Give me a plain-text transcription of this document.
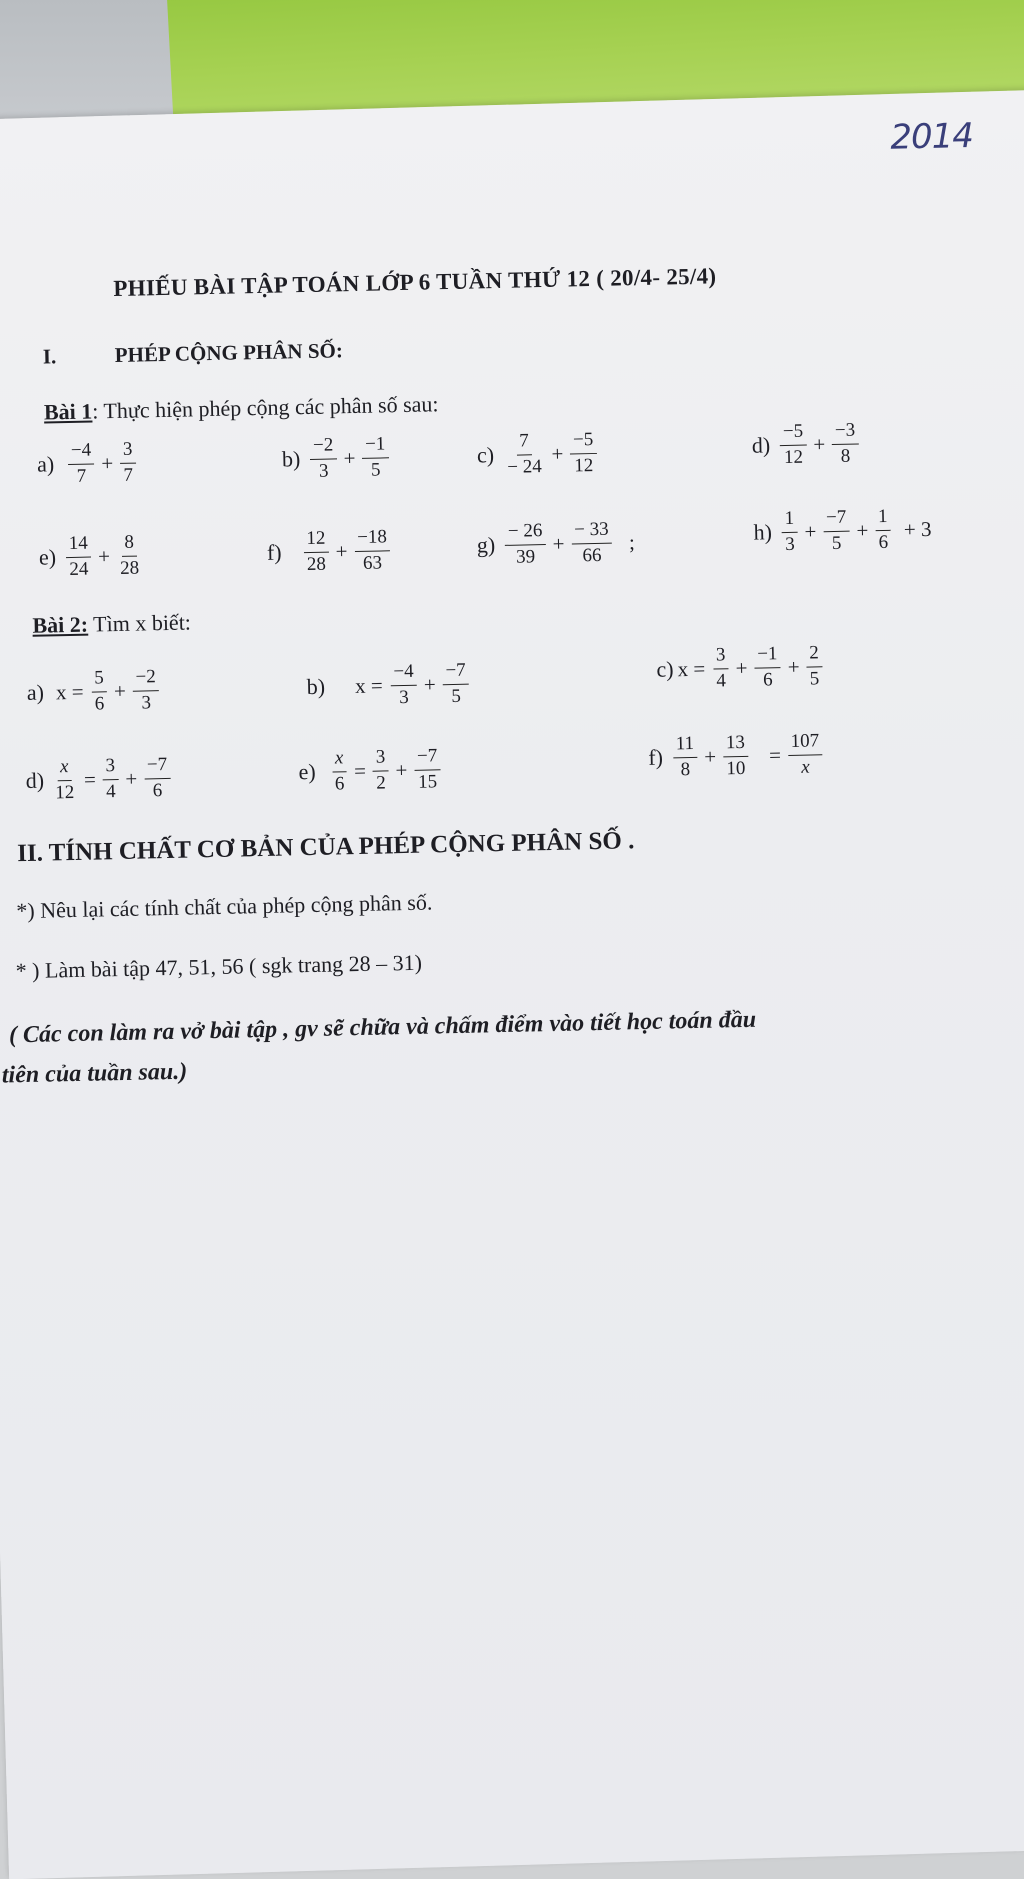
2014
PHIẾU BÀI TẬP TOÁN LỚP 6 TUẦN THỨ 12 ( 20/4- 25/4)
I.	PHÉP CỘNG PHÂN SỐ:
Bài 1: Thực hiện phép cộng các phân số sau:
$a) \frac{-4}{7} + \frac{3}{7}$	$b) \frac{-2}{3} + \frac{-1}{5}$	$c) \frac{7}{- 24} + \frac{-5}{12}$	$d) \frac{-5}{12} + \frac{-3}{8}$
$e) \frac{14}{24} + \frac{8}{28}$	$f) \frac{12}{28} + \frac{-18}{63}$	$g) \frac{- 26}{39} + \frac{- 33}{66}$ ;	$h) \frac{1}{3} + \frac{-7}{5} + \frac{1}{6} + 3$
Bài 2: Tìm x biết:
a) $x = \frac{5}{6} + \frac{-2}{3}$	b) $x = \frac{-4}{3} + \frac{-7}{5}$	c) $x = \frac{3}{4} + \frac{-1}{6} + \frac{2}{5}$
$d) \frac{x}{12} = \frac{3}{4} + \frac{-7}{6}$	$e) \frac{x}{6} = \frac{3}{2} + \frac{-7}{15}$	$f) \frac{11}{8} + \frac{13}{10} = \frac{107}{x}$
II. TÍNH CHẤT CƠ BẢN CỦA PHÉP CỘNG PHÂN SỐ .
*) Nêu lại các tính chất của phép cộng phân số.
* ) Làm bài tập 47, 51, 56 ( sgk trang 28 – 31)
( Các con làm ra vở bài tập , gv sẽ chữa và chấm điểm vào tiết học toán đầu
tiên của tuần sau.)
